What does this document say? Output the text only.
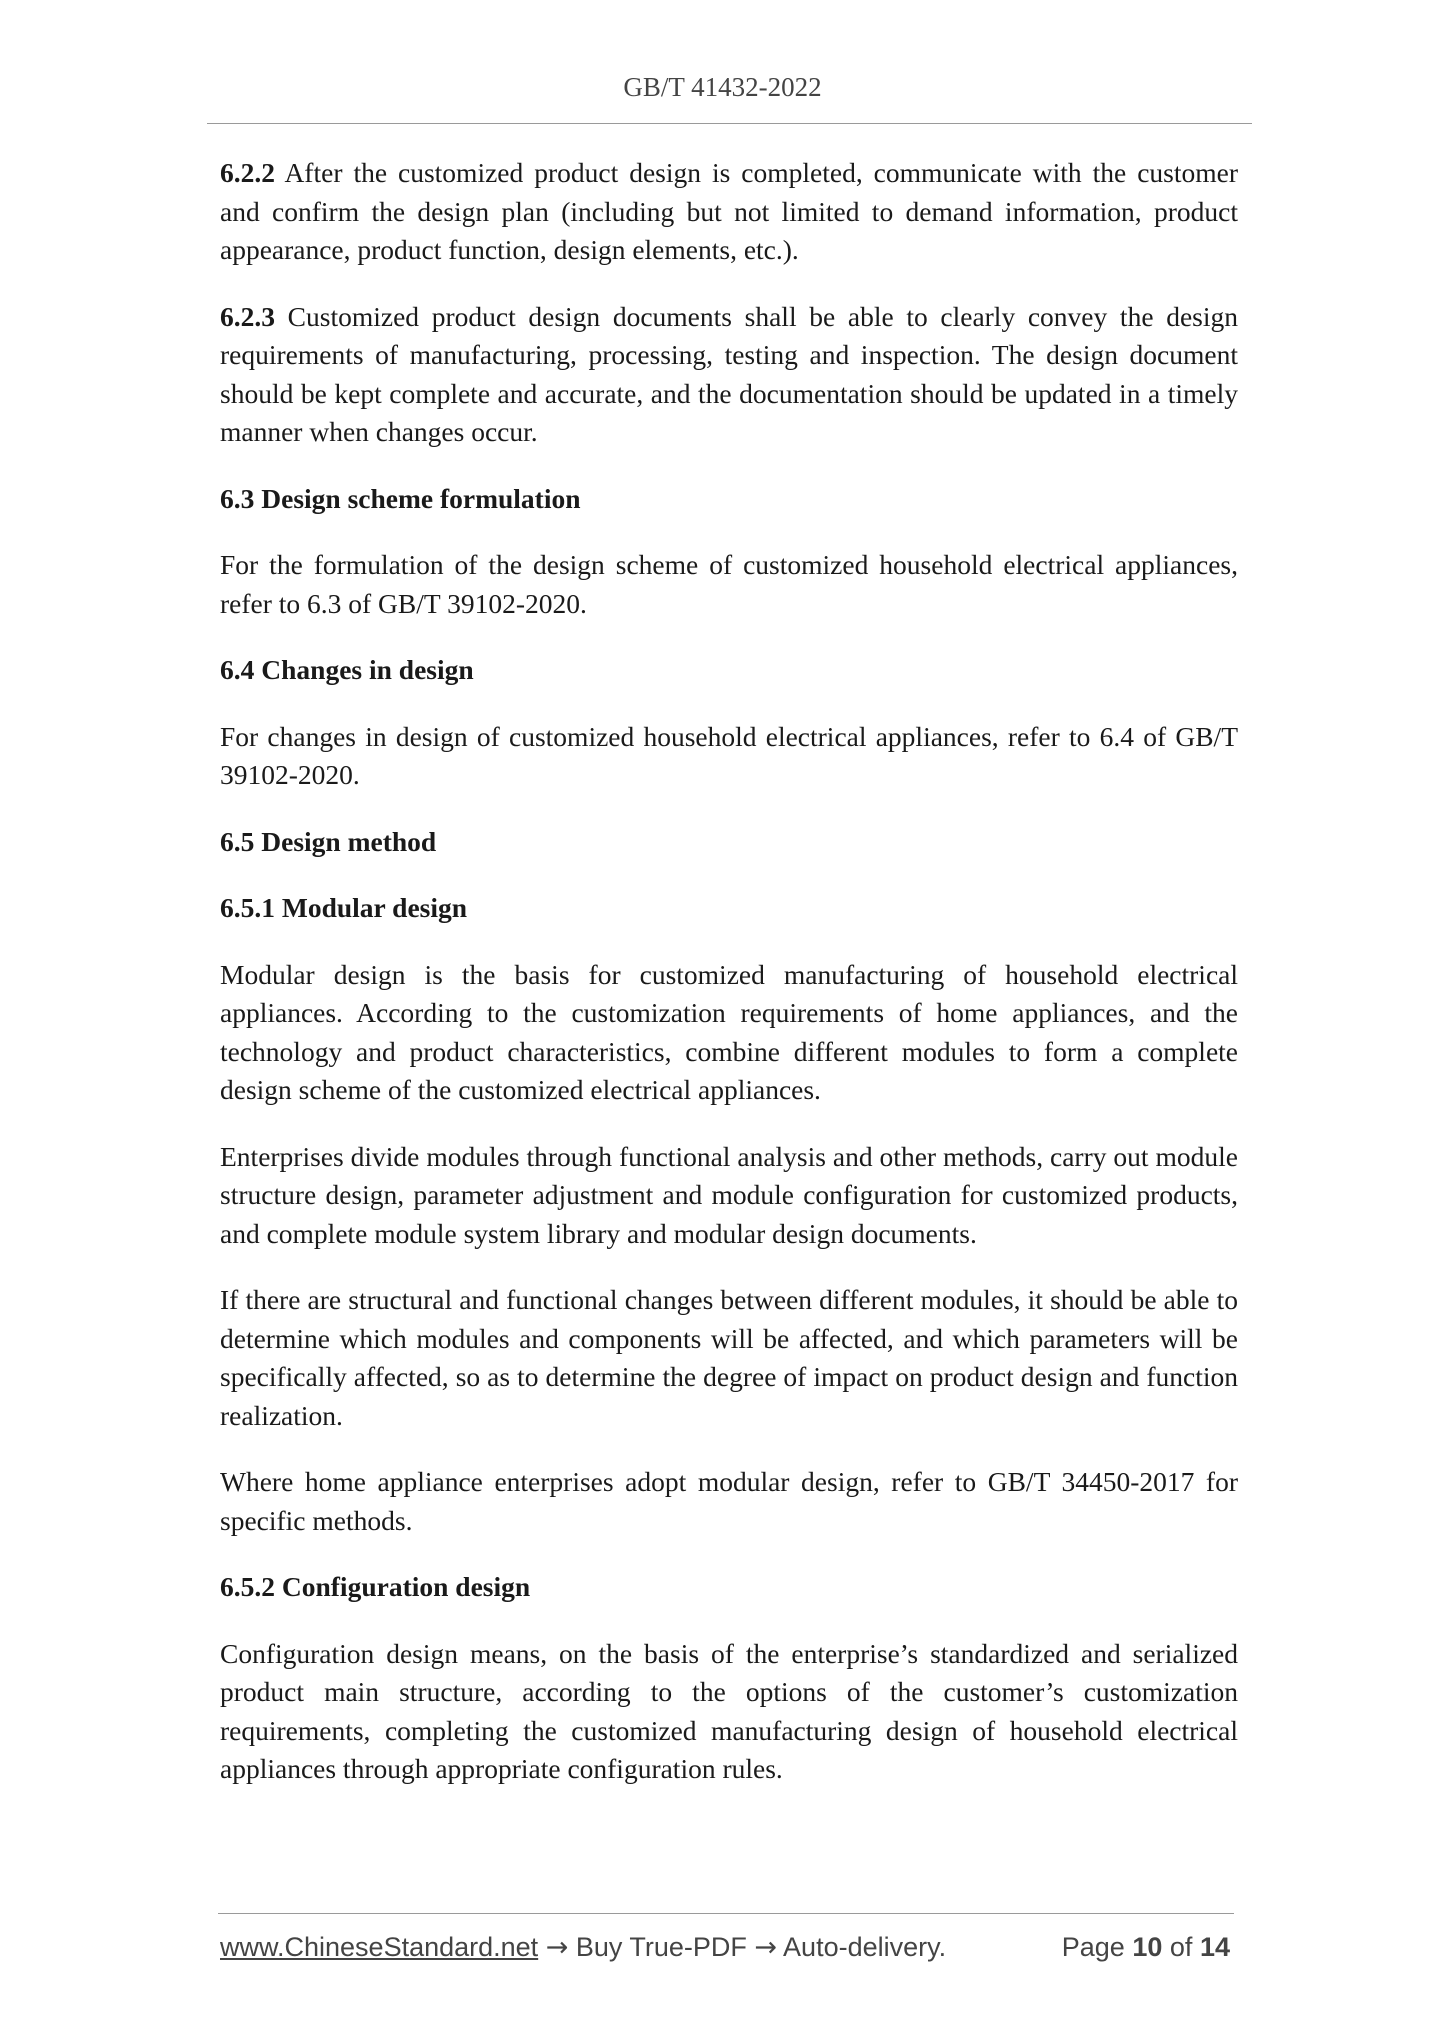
GB/T 41432-2022

6.2.2 After the customized product design is completed, communicate with the customer and confirm the design plan (including but not limited to demand information, product appearance, product function, design elements, etc.).

6.2.3 Customized product design documents shall be able to clearly convey the design requirements of manufacturing, processing, testing and inspection. The design document should be kept complete and accurate, and the documentation should be updated in a timely manner when changes occur.

6.3 Design scheme formulation

For the formulation of the design scheme of customized household electrical appliances, refer to 6.3 of GB/T 39102-2020.

6.4 Changes in design

For changes in design of customized household electrical appliances, refer to 6.4 of GB/T 39102-2020.

6.5 Design method
6.5.1 Modular design

Modular design is the basis for customized manufacturing of household electrical appliances. According to the customization requirements of home appliances, and the technology and product characteristics, combine different modules to form a complete design scheme of the customized electrical appliances.

Enterprises divide modules through functional analysis and other methods, carry out module structure design, parameter adjustment and module configuration for customized products, and complete module system library and modular design documents.

If there are structural and functional changes between different modules, it should be able to determine which modules and components will be affected, and which parameters will be specifically affected, so as to determine the degree of impact on product design and function realization.

Where home appliance enterprises adopt modular design, refer to GB/T 34450-2017 for specific methods.

6.5.2 Configuration design

Configuration design means, on the basis of the enterprise’s standardized and serialized product main structure, according to the options of the customer’s customization requirements, completing the customized manufacturing design of household electrical appliances through appropriate configuration rules.

www.ChineseStandard.net → Buy True-PDF → Auto-delivery.	Page 10 of 14
